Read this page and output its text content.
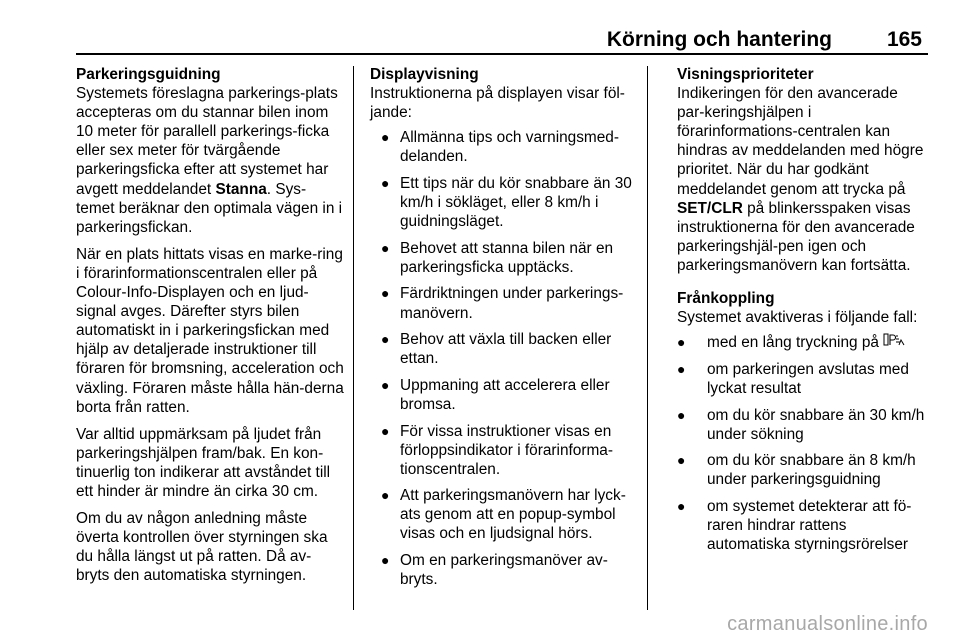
Körning och hantering	165
Parkeringsguidning

Systemets föreslagna parkerings-plats accepteras om du stannar bilen inom 10 meter för parallell parkerings-ficka eller sex meter för tvärgående parkeringsficka efter att systemet har avgett meddelandet Stanna. Sys-temet beräknar den optimala vägen in i parkeringsfickan.

När en plats hittats visas en marke-ring i förarinformationscentralen eller på Colour-Info-Displayen och en ljud-signal avges. Därefter styrs bilen automatiskt in i parkeringsfickan med hjälp av detaljerade instruktioner till föraren för bromsning, acceleration och växling. Föraren måste hålla hän-derna borta från ratten.

Var alltid uppmärksam på ljudet från parkeringshjälpen fram/bak. En kon-tinuerlig ton indikerar att avståndet till ett hinder är mindre än cirka 30 cm.

Om du av någon anledning måste överta kontrollen över styrningen ska du hålla längst ut på ratten. Då av-bryts den automatiska styrningen.

Displayvisning

Instruktionerna på displayen visar föl-jande:

● Allmänna tips och varningsmed-delanden.
● Ett tips när du kör snabbare än 30 km/h i sökläget, eller 8 km/h i guidningsläget.
● Behovet att stanna bilen när en parkeringsficka upptäcks.
● Färdriktningen under parkerings-manövern.
● Behov att växla till backen eller ettan.
● Uppmaning att accelerera eller bromsa.
● För vissa instruktioner visas en förloppsindikator i förarinforma-tionscentralen.
● Att parkeringsmanövern har lyck-ats genom att en popup-symbol visas och en ljudsignal hörs.
● Om en parkeringsmanöver av-bryts.
Visningsprioriteter

Indikeringen för den avancerade par-keringshjälpen i förarinformations-centralen kan hindras av meddelanden med högre prioritet. När du har godkänt meddelandet genom att trycka på SET/CLR på blinkersspaken visas instruktionerna för den avancerade parkeringshjäl-pen igen och parkeringsmanövern kan fortsätta.

Frånkoppling

Systemet avaktiveras i följande fall:

● med en lång tryckning på
● om parkeringen avslutas med lyckat resultat
● om du kör snabbare än 30 km/h under sökning
● om du kör snabbare än 8 km/h under parkeringsguidning
● om systemet detekterar att fö-raren hindrar rattens automatiska styrningsrörelser
carmanualsonline.info
